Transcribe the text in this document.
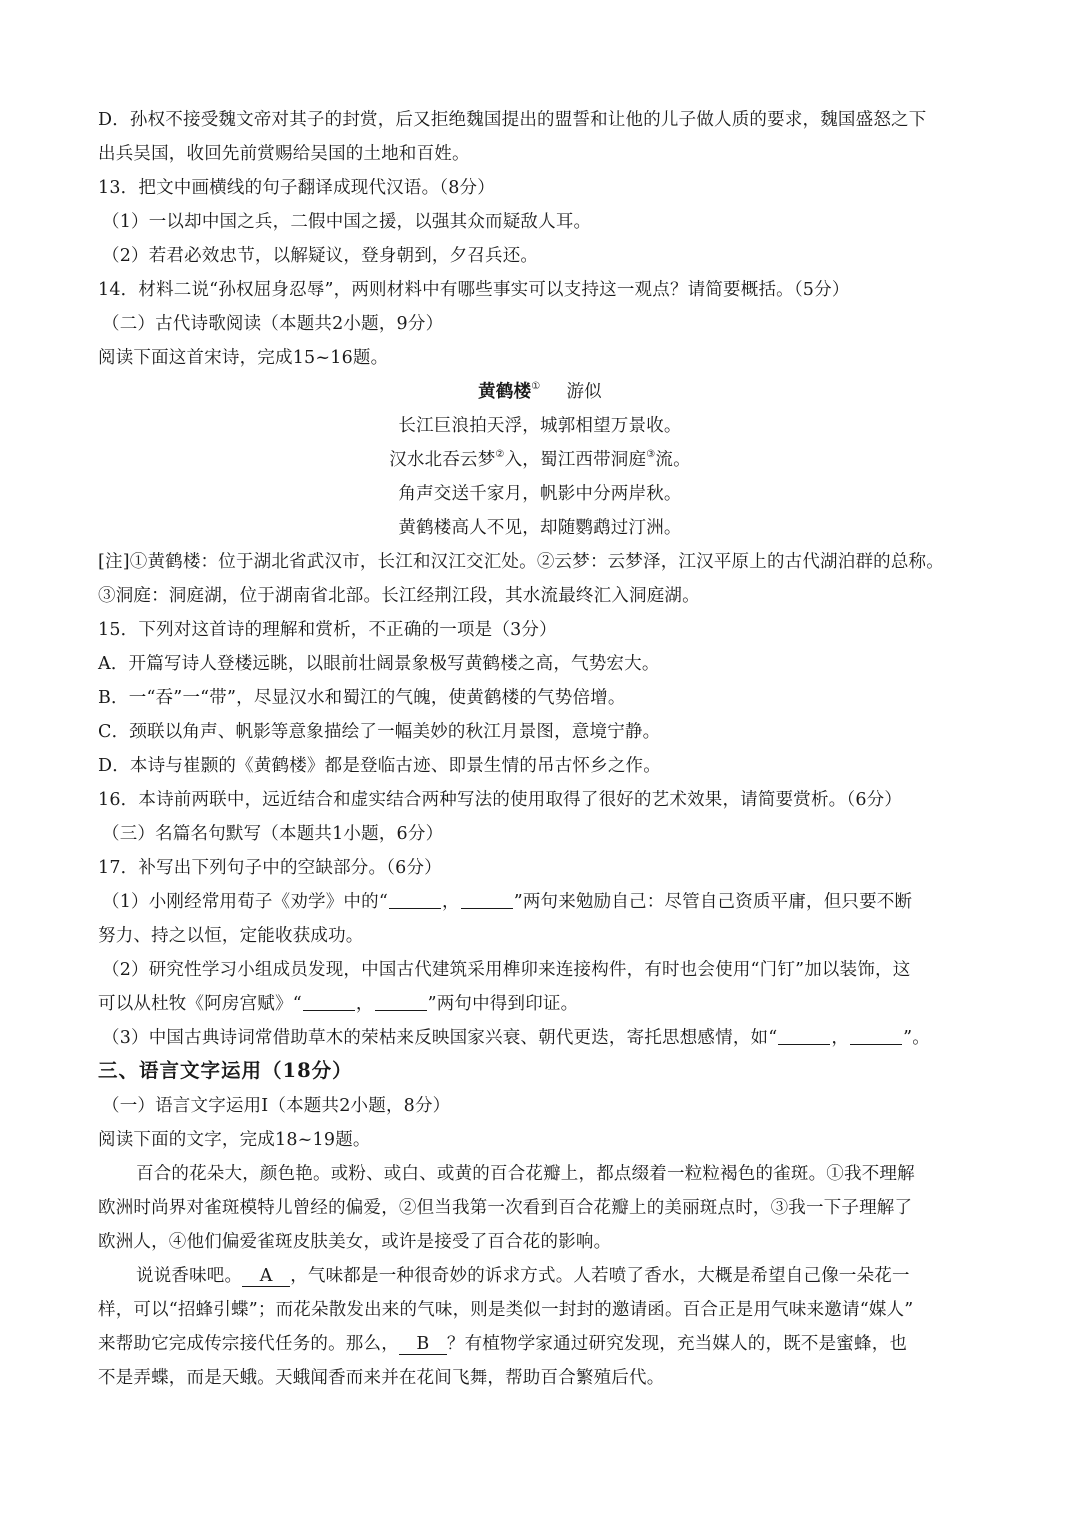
D．孙权不接受魏文帝对其子的封赏，后又拒绝魏国提出的盟誓和让他的儿子做人质的要求，魏国盛怒之下
出兵吴国，收回先前赏赐给吴国的土地和百姓。
13．把文中画横线的句子翻译成现代汉语。（8分）
（1）一以却中国之兵，二假中国之援，以强其众而疑敌人耳。
（2）若君必效忠节，以解疑议，登身朝到，夕召兵还。
14．材料二说“孙权屈身忍辱”，两则材料中有哪些事实可以支持这一观点？请简要概括。（5分）
（二）古代诗歌阅读（本题共2小题，9分）
阅读下面这首宋诗，完成15~16题。
黄鹤楼① 游似
长江巨浪拍天浮，城郭相望万景收。
汉水北吞云梦②入，蜀江西带洞庭③流。
角声交送千家月，帆影中分两岸秋。
黄鹤楼高人不见，却随鹦鹉过汀洲。
[注]①黄鹤楼：位于湖北省武汉市，长江和汉江交汇处。②云梦：云梦泽，江汉平原上的古代湖泊群的总称。
③洞庭：洞庭湖，位于湖南省北部。长江经荆江段，其水流最终汇入洞庭湖。
15．下列对这首诗的理解和赏析，不正确的一项是（3分）
A．开篇写诗人登楼远眺，以眼前壮阔景象极写黄鹤楼之高，气势宏大。
B．一“吞”一“带”，尽显汉水和蜀江的气魄，使黄鹤楼的气势倍增。
C．颈联以角声、帆影等意象描绘了一幅美妙的秋江月景图，意境宁静。
D．本诗与崔颢的《黄鹤楼》都是登临古迹、即景生情的吊古怀乡之作。
16．本诗前两联中，远近结合和虚实结合两种写法的使用取得了很好的艺术效果，请简要赏析。（6分）
（三）名篇名句默写（本题共1小题，6分）
17．补写出下列句子中的空缺部分。（6分）
（1）小刚经常用荀子《劝学》中的“	，	”两句来勉励自己：尽管自己资质平庸，但只要不断
努力、持之以恒，定能收获成功。
（2）研究性学习小组成员发现，中国古代建筑采用榫卯来连接构件，有时也会使用“门钉”加以装饰，这
可以从杜牧《阿房宫赋》“	，	”两句中得到印证。
（3）中国古典诗词常借助草木的荣枯来反映国家兴衰、朝代更迭，寄托思想感情，如“	，	”。
三、语言文字运用（18分）
（一）语言文字运用Ⅰ（本题共2小题，8分）
阅读下面的文字，完成18~19题。
百合的花朵大，颜色艳。或粉、或白、或黄的百合花瓣上，都点缀着一粒粒褐色的雀斑。①我不理解
欧洲时尚界对雀斑模特儿曾经的偏爱，②但当我第一次看到百合花瓣上的美丽斑点时，③我一下子理解了
欧洲人，④他们偏爱雀斑皮肤美女，或许是接受了百合花的影响。
说说香味吧。 A ，气味都是一种很奇妙的诉求方式。人若喷了香水，大概是希望自己像一朵花一
样，可以“招蜂引蝶”；而花朵散发出来的气味，则是类似一封封的邀请函。百合正是用气味来邀请“媒人”
来帮助它完成传宗接代任务的。那么， B ？有植物学家通过研究发现，充当媒人的，既不是蜜蜂，也
不是弄蝶，而是天蛾。天蛾闻香而来并在花间飞舞，帮助百合繁殖后代。
